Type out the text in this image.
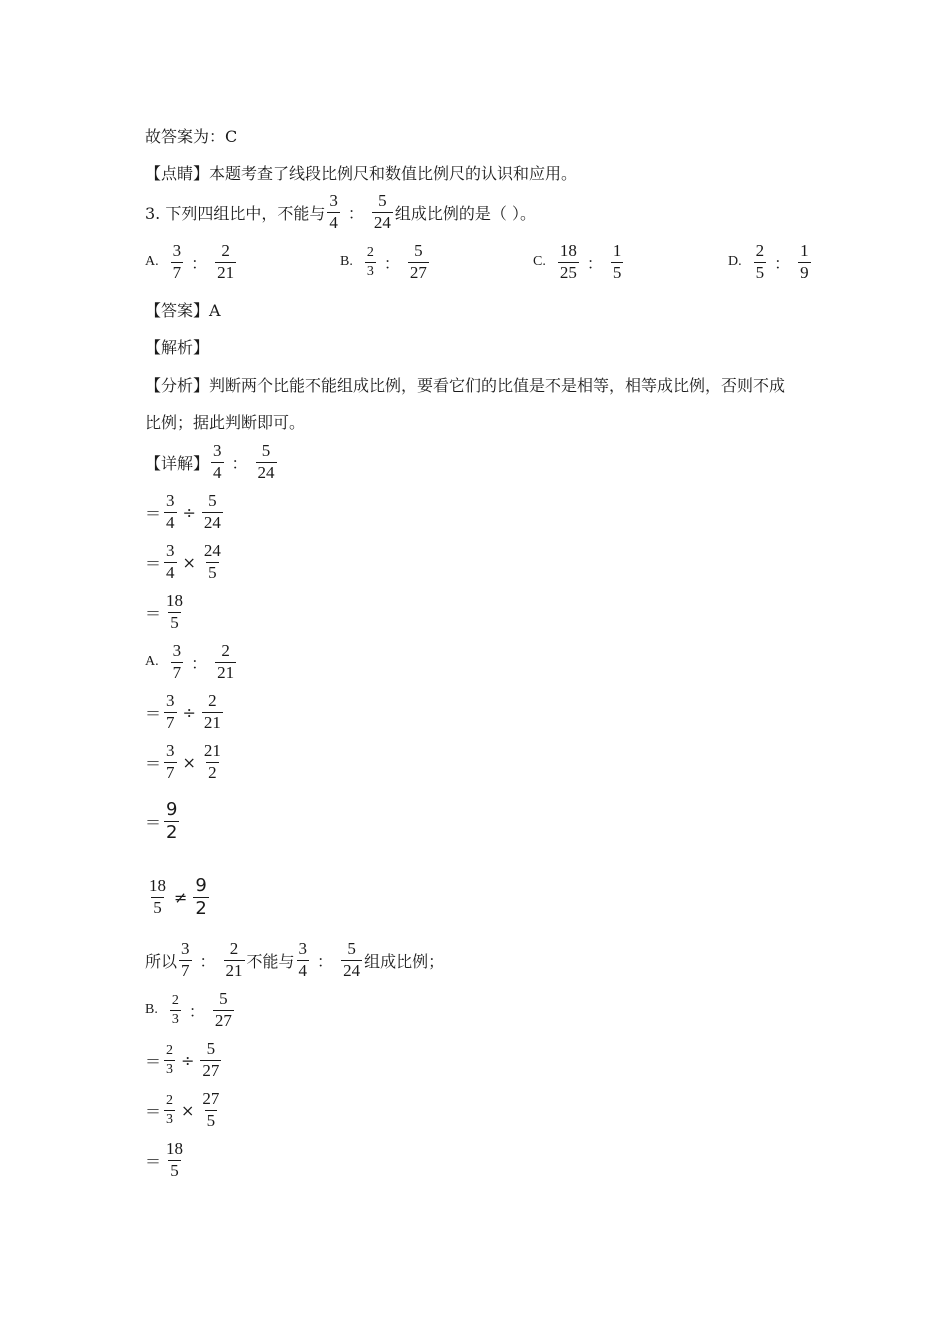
故答案为：C
【点睛】本题考查了线段比例尺和数值比例尺的认识和应用。
3. 下列四组比中，不能与 $\frac{3}{4}$ ： $\frac{5}{24}$ 组成比例的是（ ）。
A. $\frac{3}{7}$ ： $\frac{2}{21}$	B. $\frac{2}{3}$ ： $\frac{5}{27}$	C. $\frac{18}{25}$ ： $\frac{1}{5}$	D. $\frac{2}{5}$ ： $\frac{1}{9}$
【答案】A
【解析】
【分析】判断两个比能不能组成比例，要看它们的比值是不是相等，相等成比例，否则不成
比例；据此判断即可。
【详解】 $\frac{3}{4}$ ： $\frac{5}{24}$
＝ $\frac{3}{4} \div \frac{5}{24}$
＝ $\frac{3}{4} \times \frac{24}{5}$
＝ $\frac{18}{5}$
A. $\frac{3}{7}$ ： $\frac{2}{21}$
＝ $\frac{3}{7} \div \frac{2}{21}$
＝ $\frac{3}{7} \times \frac{21}{2}$
＝ $\frac{9}{2}$
$\frac{18}{5} \ne \frac{9}{2}$
所以 $\frac{3}{7}$ ： $\frac{2}{21}$ 不能与 $\frac{3}{4}$ ： $\frac{5}{24}$ 组成比例；
B. $\frac{2}{3}$ ： $\frac{5}{27}$
＝ $\frac{2}{3} \div \frac{5}{27}$
＝ $\frac{2}{3} \times \frac{27}{5}$
＝ $\frac{18}{5}$
